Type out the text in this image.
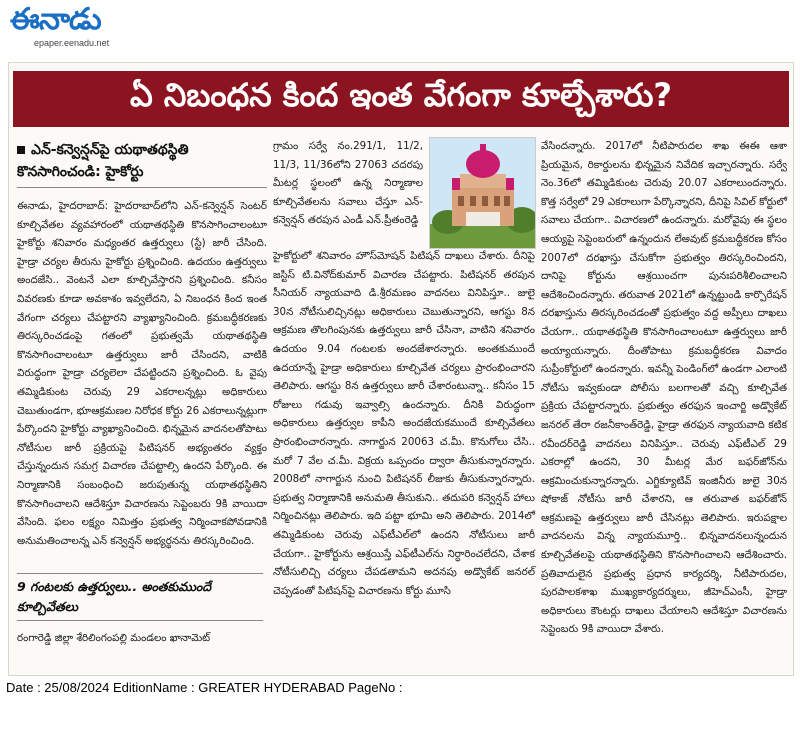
ఈనాడు
epaper.eenadu.net
ఏ నిబంధన కింద ఇంత వేగంగా కూల్చేశారు?
ఎన్‌-కన్వెన్షన్‌పై యథాతథస్థితి కొనసాగించండి: హైకోర్టు

ఈనాడు, హైదరాబాద్‌: హైదరాబాద్‌లోని ఎన్‌-కన్వెన్షన్‌ సెంటర్‌ కూల్చివేతల వ్యవహారంలో యథాతథస్థితి కొనసాగించాలంటూ హైకోర్టు శనివారం మధ్యంతర ఉత్తర్వులు (స్టే) జారీ చేసింది. హైడ్రా చర్యల తీరును హైకోర్టు ప్రశ్నించింది. ఉదయం ఉత్తర్వులు అందజేసి.. వెంటనే ఎలా కూల్చివేస్తారని ప్రశ్నించింది. కనీసం వివరణకు కూడా అవకాశం ఇవ్వలేదని, ఏ నిబంధన కింద ఇంత వేగంగా చర్యలు చేపట్టారని వ్యాఖ్యానించింది. క్రమబద్ధీకరణకు తిరస్కరించడంపై గతంలో ప్రభుత్వమే యథాతథస్థితి కొనసాగించాలంటూ ఉత్తర్వులు జారీ చేసిందని, వాటికి విరుద్ధంగా హైడ్రా చర్యలెలా చేపట్టిందని ప్రశ్నించింది. ఓ వైపు తమ్మిడికుంట చెరువు 29 ఎకరాలన్నట్లు అధికారులు చెబుతుండగా, భూఆక్రమణల నిరోధక కోర్టు 26 ఎకరాలున్నట్లుగా పేర్కొందని హైకోర్టు వ్యాఖ్యానించింది. భిన్నమైన వాదనలతోపాటు నోటీసుల జారీ ప్రక్రియపై పిటిషనర్‌ అభ్యంతరం వ్యక్తం చేస్తున్నందున సమగ్ర విచారణ చేపట్టాల్సి ఉందని పేర్కొంది. ఈ నిర్మాణానికి సంబంధించి జరుపుతున్న యథాతథస్థితిని కొనసాగించాలని ఆదేశిస్తూ విచారణను సెప్టెంబరు 9కి వాయిదా వేసింది. ఫలం లక్ష్యం నిమిత్తం ప్రభుత్వ నిర్మించాకపోవడానికి అనుమతించాలన్న ఎన్‌ కన్వెన్షన్‌ అభ్యర్థనను తిరస్కరించింది.

9 గంటలకు ఉత్తర్వులు.. అంతకుముందే కూల్చివేతలు
రంగారెడ్డి జిల్లా శేరిలింగంపల్లి మండలం ఖానామెట్‌
గ్రామం సర్వే నం.291/1, 11/2, 11/3, 11/36లోని 27063 చదరపు మీటర్ల స్థలంలో ఉన్న నిర్మాణాల కూల్చివేతలను సవాలు చేస్తూ ఎన్‌-కన్వెన్షన్‌ తరపున ఎండీ ఎన్‌.ప్రీతంరెడ్డి
హైకోర్టులో శనివారం హౌస్‌మోషన్‌ పిటిషన్‌ దాఖలు చేశారు. దీనిపై జస్టిస్‌ టి.వినోద్‌కుమార్‌ విచారణ చేపట్టారు. పిటిషనర్‌ తరపున సీనియర్‌ న్యాయవాది డి.శ్రీరమణం వాదనలు వినిపిస్తూ.. జులై 30న నోటీసులిచ్చినట్లు అధికారులు చెబుతున్నారని, ఆగస్టు 8న ఆక్రమణ తొలగింపునకు ఉత్తర్వులు జారీ చేసినా, వాటిని శనివారం ఉదయం 9.04 గంటలకు అందజేశారన్నారు. అంతకుముందే ఉదయాన్నే హైడ్రా అధికారులు కూల్చివేత చర్యలు ప్రారంభించారని తెలిపారు. ఆగస్టు 8న ఉత్తర్వులు జారీ చేశారంటున్నా.. కనీసం 15 రోజులు గడువు ఇవ్వాల్సి ఉందన్నారు. దీనికి విరుద్ధంగా అధికారులు ఉత్తర్వుల కాపీని అందజేయకముందే కూల్చివేతలు ప్రారంభించారన్నారు. నాగార్జున 20063 చ.మీ. కొనుగోలు చేసి.. మరో 7 వేల చ.మీ. విక్రయ ఒప్పందం ద్వారా తీసుకున్నారన్నారు. 2008లో నాగార్జున నుంచి పిటిషనర్‌ లీజుకు తీసుకున్నారన్నారు. ప్రభుత్వ నిర్మాణానికి అనుమతి తీసుకుని.. తదుపరి కన్వెన్షన్‌ హాలు నిర్మించినట్లు తెలిపారు. ఇది పట్టా భూమి అని తెలిపారు. 2014లో తమ్మిడికుంట చెరువు ఎఫ్‌టీఎల్‌లో ఉందని నోటీసులు జారీ చేయగా.. హైకోర్టును ఆశ్రయిస్తే ఎఫ్‌టీఎల్‌ను నిర్ధారించలేదని, చేశాక నోటీసులిచ్చి చర్యలు చేపడతామని అదనపు అడ్వొకేట్‌ జనరల్‌ చెప్పడంతో పిటిషన్‌పై విచారణను కోర్టు మూసి
వేసిందన్నారు. 2017లో నీటిపారుదల శాఖ ఈఈ ఆశా ప్రియమైన, రికార్డులను భిన్నమైన నివేదిక ఇచ్చారన్నారు. సర్వే నెం.36లో తమ్మిడికుంట చెరువు 20.07 ఎకరాలుందన్నారు. కొత్త సర్వేలో 29 ఎకరాలుగా పేర్కొన్నారని, దీనిపై సివిల్‌ కోర్టులో సవాలు చేయగా.. విచారణలో ఉందన్నారు. మరోవైపు ఈ స్థలం ఆయ్యపై సెప్టెంబరులో ఉన్నందున లేఅవుట్‌ క్రమబద్ధీకరణ కోసం 2007లో దరఖాస్తు చేసుకోగా ప్రభుత్వం తిరస్కరించిందని, దానిపై కోర్టును ఆశ్రయించగా పునఃపరిశీలించాలని ఆదేశించిందన్నారు. తరువాత 2021లో ఉన్నట్టుండి కార్పొరేషన్‌ దరఖాస్తును తిరస్కరించడంతో ప్రభుత్వం వద్ద అప్పీలు దాఖలు చేయగా.. యథాతథస్థితి కొనసాగించాలంటూ ఉత్తర్వులు జారీ అయ్యాయన్నారు. దీంతోపాటు క్రమబద్ధీకరణ వివాదం సుప్రీంకోర్టులో ఉందన్నారు. ఇవన్నీ పెండింగ్‌లో ఉండగా ఎలాంటి నోటీసు ఇవ్వకుండా పోలీసు బలగాలతో వచ్చి కూల్చివేత ప్రక్రియ చేపట్టారన్నారు. ప్రభుత్వం తరఫున ఇంచార్జి అడ్వొకేట్‌ జనరల్‌ తేరా రజనీకాంత్‌రెడ్డి, హైడ్రా తరఫున న్యాయవాది కటిక రవీందర్‌రెడ్డి వాదనలు వినిపిస్తూ.. చెరువు ఎఫ్‌టీఎల్‌ 29 ఎకరాల్లో ఉందని, 30 మీటర్ల మేర బఫర్‌జోన్‌ను ఆక్రమించుకున్నారన్నారు. ఎగ్జిక్యూటివ్‌ ఇంజినీరు జులై 30న షోకాజ్‌ నోటీసు జారీ చేశారని, ఆ తరువాత బఫర్‌జోన్‌ ఆక్రమణపై ఉత్తర్వులు జారీ చేసినట్లు తెలిపారు. ఇరుపక్షాల వాదనలను విన్న న్యాయమూర్తి.. భిన్నవాదనలున్నందున కూల్చివేతలపై యథాతథస్థితిని కొనసాగించాలని ఆదేశించారు. ప్రతివాదులైన ప్రభుత్వ ప్రధాన కార్యదర్శి, నీటిపారుదల, పురపాలకశాఖ ముఖ్యకార్యదర్శులు, జీహెచ్‌ఎంసీ, హైడ్రా అధికారులు కౌంటర్లు దాఖలు చేయాలని ఆదేశిస్తూ విచారణను సెప్టెంబరు 9కి వాయిదా వేశారు.
Date : 25/08/2024 EditionName : GREATER HYDERABAD PageNo :
